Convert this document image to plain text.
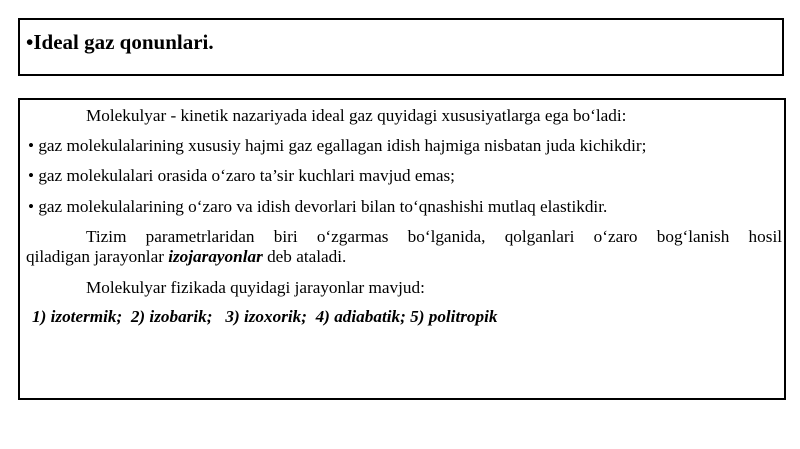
•Ideal gaz qonunlari.
Molekulyar - kinetik nazariyada ideal gaz quyidagi xususiyatlarga ega bo‘ladi:
• gaz molekulalarining xususiy hajmi gaz egallagan idish hajmiga nisbatan juda kichikdir;
• gaz molekulalari orasida o‘zaro ta’sir kuchlari mavjud emas;
• gaz molekulalarining o‘zaro va idish devorlari bilan to‘qnashishi mutlaq elastikdir.
Tizim parametrlaridan biri o‘zgarmas bo‘lganida, qolganlari o‘zaro bog‘lanish hosil
qiladigan jarayonlar izojarayonlar deb ataladi.
Molekulyar fizikada quyidagi jarayonlar mavjud:
1) izotermik;  2) izobarik;   3) izoxorik;  4) adiabatik; 5) politropik
